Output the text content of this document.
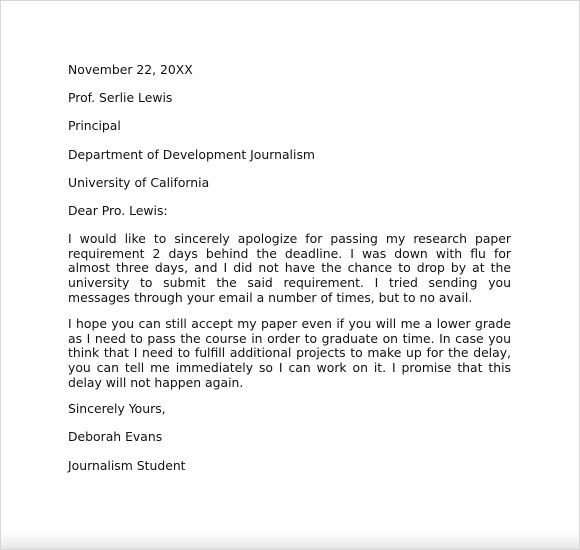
November 22, 20XX
Prof. Serlie Lewis
Principal
Department of Development Journalism
University of California
Dear Pro. Lewis:

I would like to sincerely apologize for passing my research paper requirement 2 days behind the deadline. I was down with flu for almost three days, and I did not have the chance to drop by at the university to submit the said requirement. I tried sending you messages through your email a number of times, but to no avail.

I hope you can still accept my paper even if you will me a lower grade as I need to pass the course in order to graduate on time. In case you think that I need to fulfill additional projects to make up for the delay, you can tell me immediately so I can work on it. I promise that this delay will not happen again.

Sincerely Yours,
Deborah Evans
Journalism Student
